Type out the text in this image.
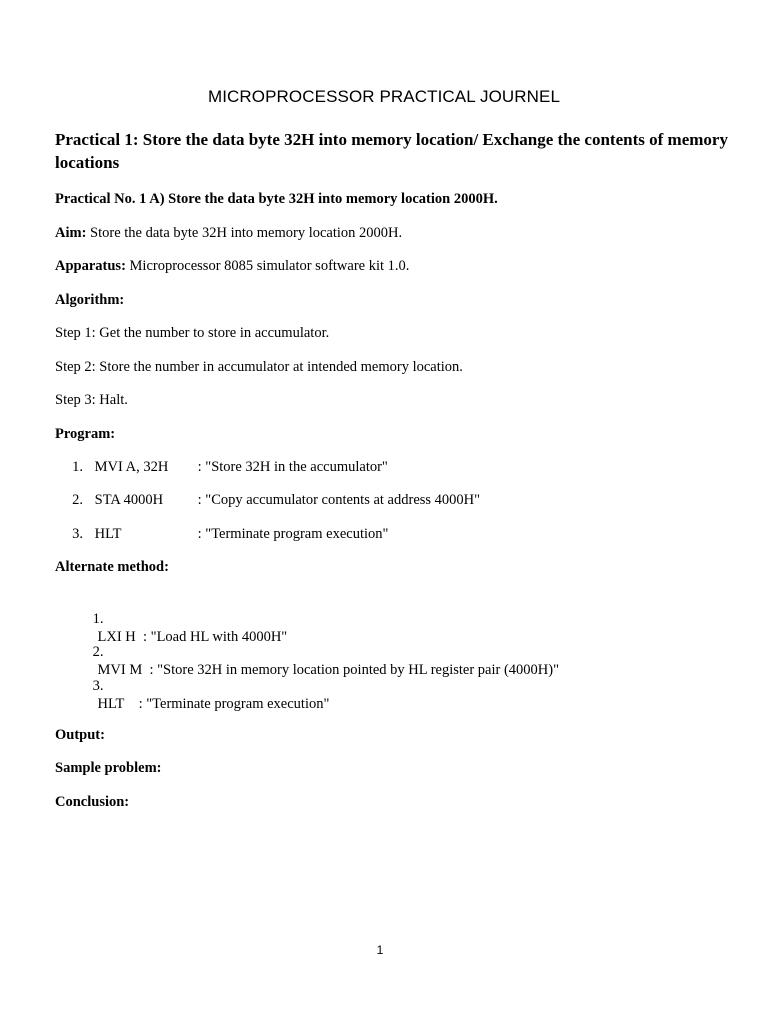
MICROPROCESSOR PRACTICAL JOURNEL
Practical 1: Store the data byte 32H into memory location/ Exchange the contents of memory locations
Practical No. 1 A) Store the data byte 32H into memory location 2000H.
Aim: Store the data byte 32H into memory location 2000H.
Apparatus: Microprocessor 8085 simulator software kit 1.0.
Algorithm:
Step 1: Get the number to store in accumulator.
Step 2: Store the number in accumulator at intended memory location.
Step 3: Halt.
Program:
1. MVI A, 32H : "Store 32H in the accumulator"
2. STA 4000H : "Copy accumulator contents at address 4000H"
3. HLT	: "Terminate program execution"
Alternate method:

1.
LXI H  : "Load HL with 4000H"

2.
MVI M  : "Store 32H in memory location pointed by HL register pair (4000H)"

3.
HLT    : "Terminate program execution"

Output:
Sample problem:
Conclusion:
1
